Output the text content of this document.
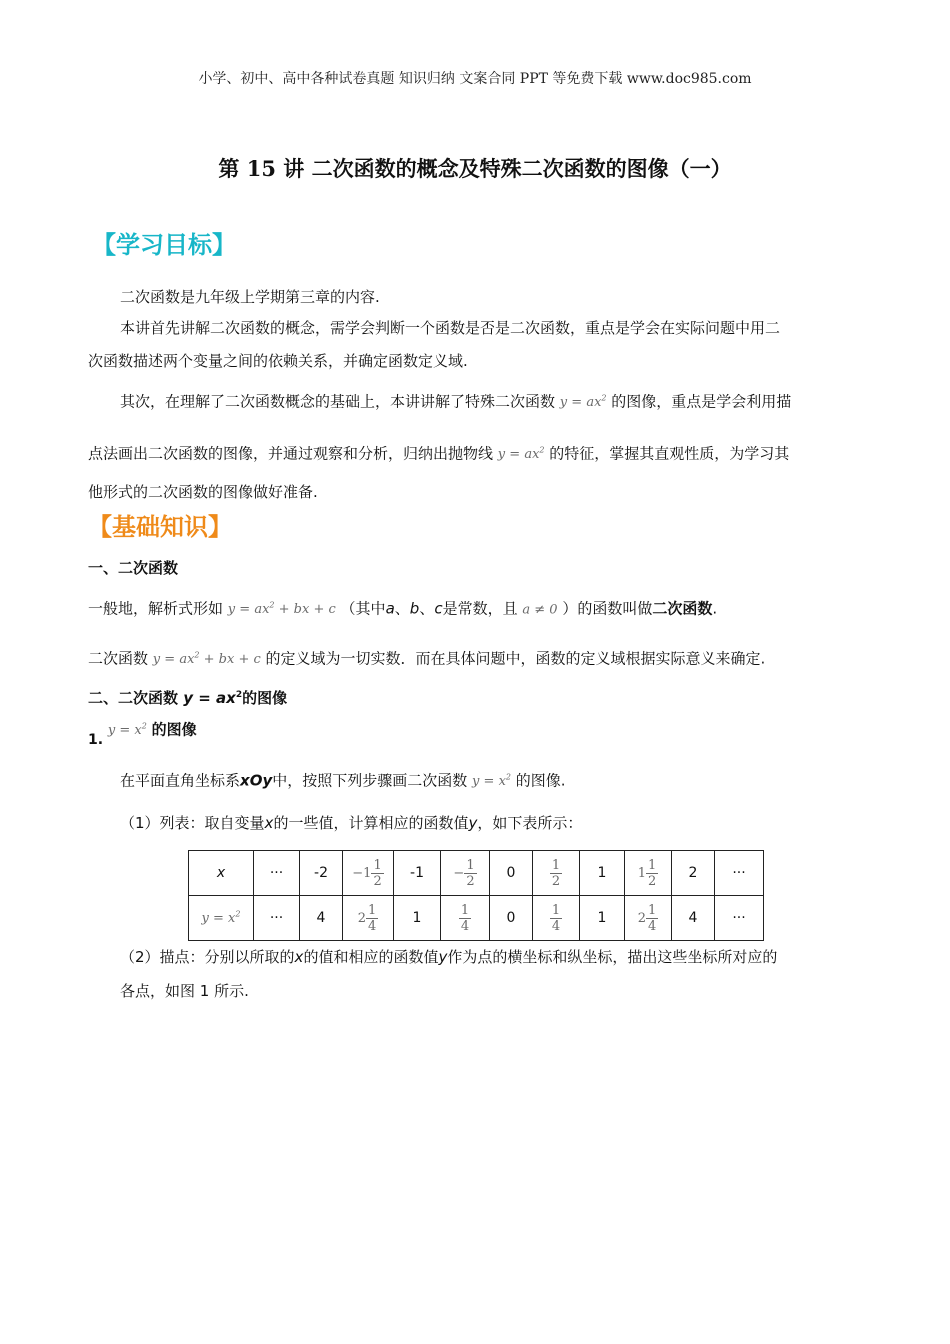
小学、初中、高中各种试卷真题 知识归纳 文案合同 PPT 等免费下载 www.doc985.com
第 15 讲 二次函数的概念及特殊二次函数的图像（一）
【学习目标】
二次函数是九年级上学期第三章的内容.
本讲首先讲解二次函数的概念，需学会判断一个函数是否是二次函数，重点是学会在实际问题中用二
次函数描述两个变量之间的依赖关系，并确定函数定义域.
其次，在理解了二次函数概念的基础上，本讲讲解了特殊二次函数 $y = ax^2$ 的图像，重点是学会利用描
点法画出二次函数的图像，并通过观察和分析，归纳出抛物线 $y = ax^2$ 的特征，掌握其直观性质，为学习其
他形式的二次函数的图像做好准备.
【基础知识】
一、二次函数
一般地，解析式形如 $y = ax^2$ + bx + c （其中a、b、c是常数，且 a ≠ 0 ）的函数叫做二次函数.
二次函数 $y = ax^2$ + bx + c 的定义域为一切实数．而在具体问题中，函数的定义域根据实际意义来确定.
二、二次函数 $y = ax^2$的图像
1. $y = x^2$ 的图像
在平面直角坐标系xOy中，按照下列步骤画二次函数 $y = x^2$ 的图像.
（1）列表：取自变量x的一些值，计算相应的函数值y，如下表所示：
x	···	-2	$-1 \frac{1}{2}$	-1	− $\frac{1}{2}$	0	$\frac{1}{2}$	1	$1 \frac{1}{2}$	2	···
$y = x^2$	···	4	$2 \frac{1}{4}$	1	$\frac{1}{4}$	0	$\frac{1}{4}$	1	$2 \frac{1}{4}$	4	···
（2）描点：分别以所取的x的值和相应的函数值y作为点的横坐标和纵坐标，描出这些坐标所对应的
各点，如图 1 所示.
